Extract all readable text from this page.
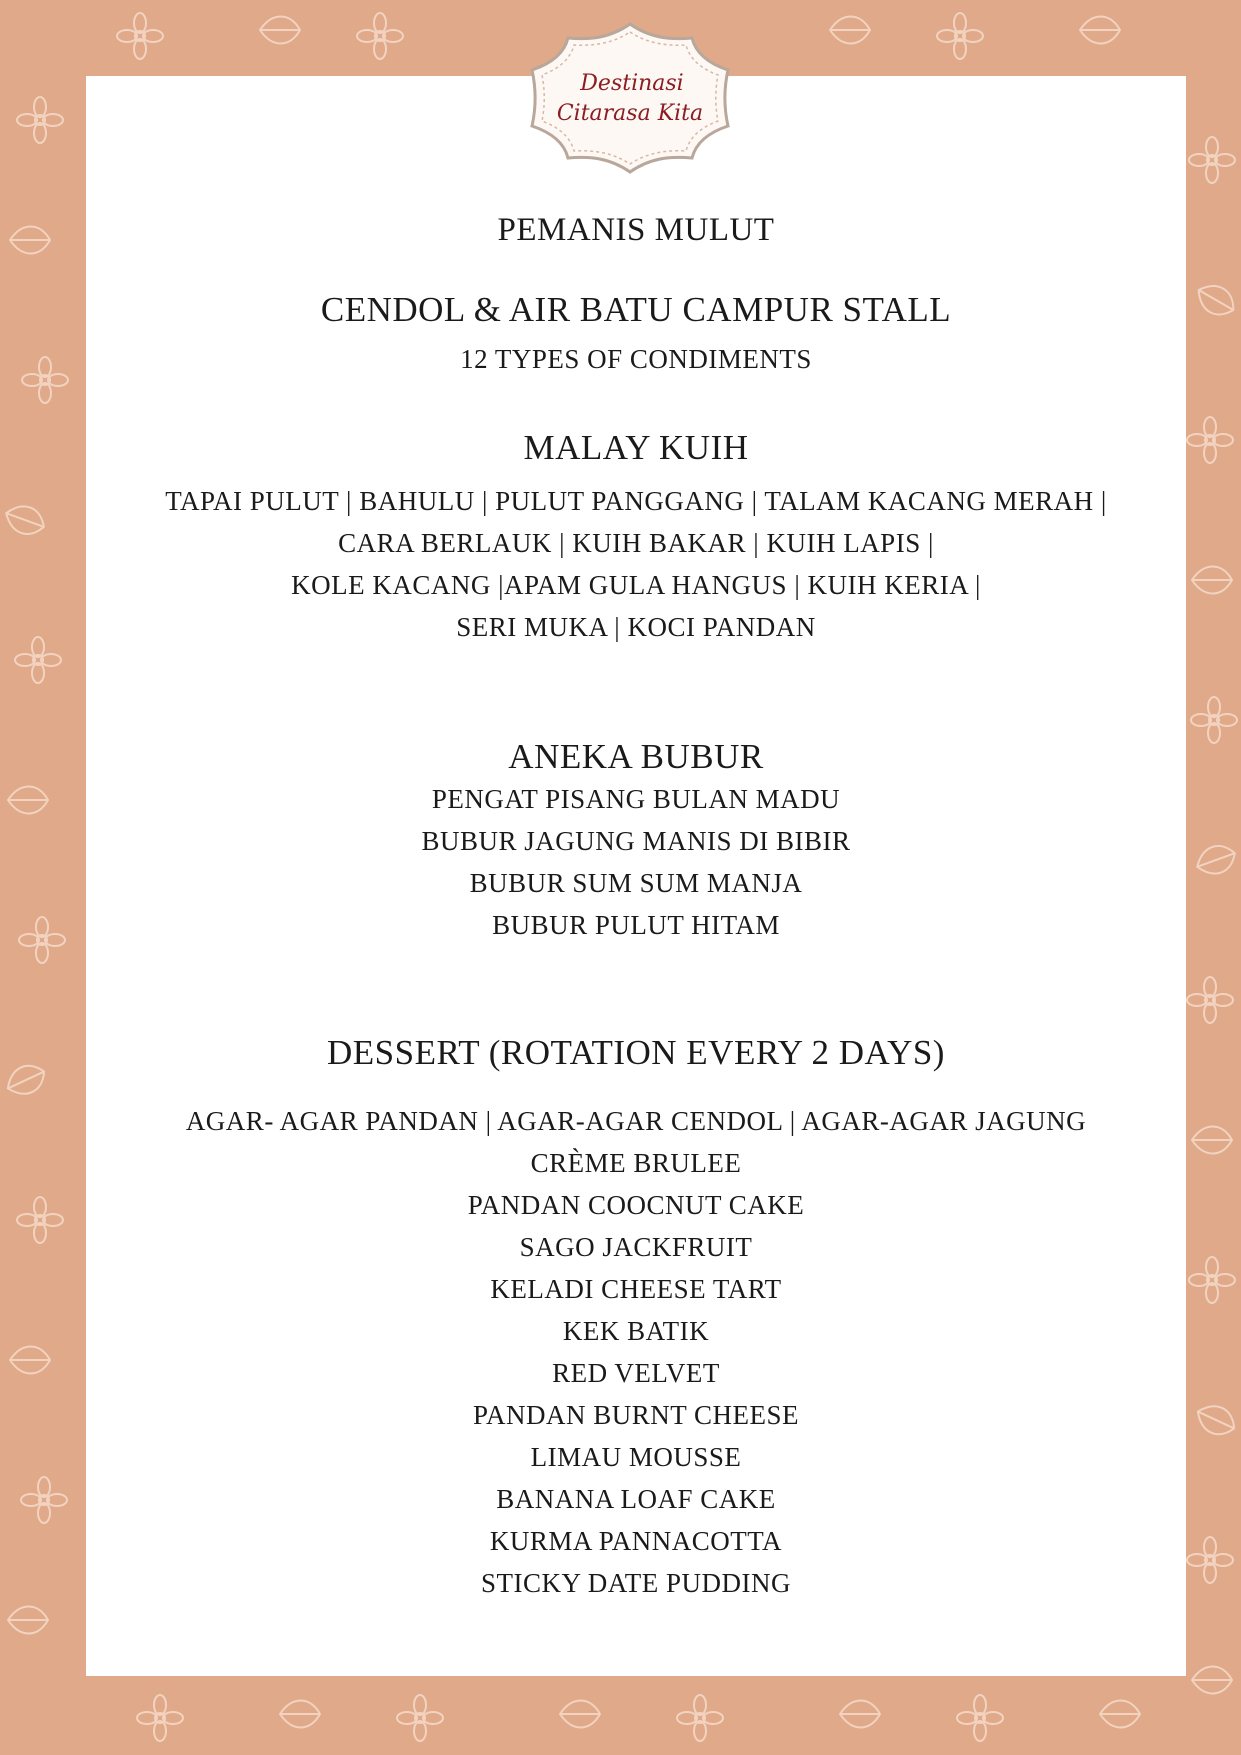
Destinasi
Citarasa Kita
PEMANIS MULUT
CENDOL & AIR BATU CAMPUR STALL
12 TYPES OF CONDIMENTS
MALAY KUIH
TAPAI PULUT | BAHULU | PULUT PANGGANG | TALAM KACANG MERAH |
CARA BERLAUK | KUIH BAKAR | KUIH LAPIS |
KOLE KACANG |APAM GULA HANGUS | KUIH KERIA |
SERI MUKA | KOCI PANDAN
ANEKA BUBUR
PENGAT PISANG BULAN MADU
BUBUR JAGUNG MANIS DI BIBIR
BUBUR SUM SUM MANJA
BUBUR PULUT HITAM
DESSERT (ROTATION EVERY 2 DAYS)
AGAR- AGAR PANDAN | AGAR-AGAR CENDOL | AGAR-AGAR JAGUNG
CRÈME BRULEE
PANDAN COOCNUT CAKE
SAGO JACKFRUIT
KELADI CHEESE TART
KEK BATIK
RED VELVET
PANDAN BURNT CHEESE
LIMAU MOUSSE
BANANA LOAF CAKE
KURMA PANNACOTTA
STICKY DATE PUDDING
